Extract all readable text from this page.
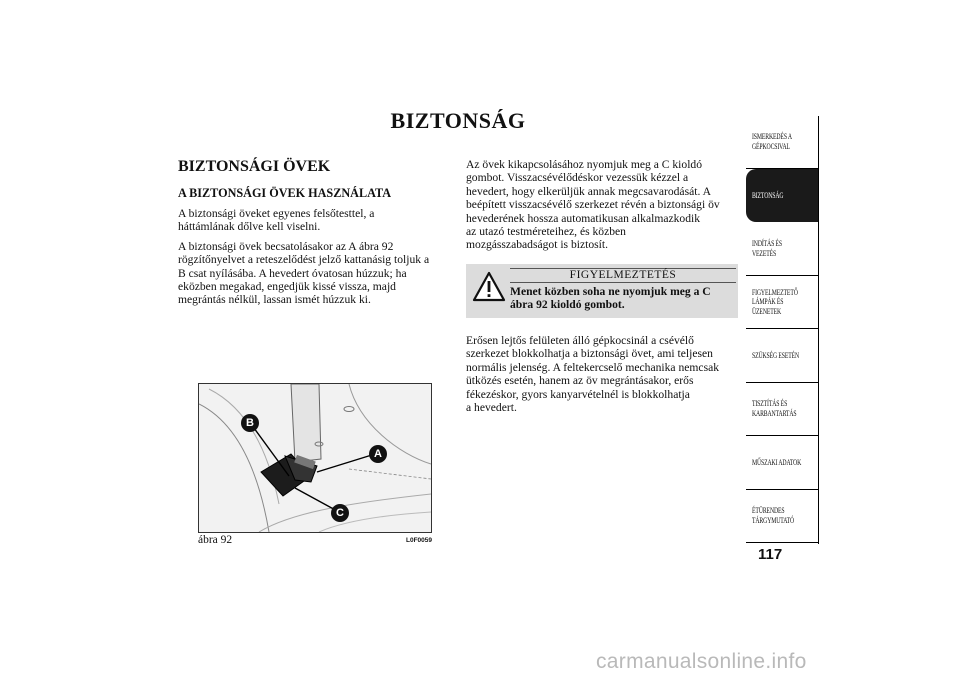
BIZTONSÁG
BIZTONSÁGI ÖVEK
A BIZTONSÁGI ÖVEK HASZNÁLATA
A biztonsági öveket egyenes felsőtesttel, a
háttámlának dőlve kell viselni.
A biztonsági övek becsatolásakor az A ábra 92
rögzítőnyelvet a reteszelődést jelző kattanásig toljuk a
B csat nyílásába. A hevedert óvatosan húzzuk; ha
eközben megakad, engedjük kissé vissza, majd
megrántás nélkül, lassan ismét húzzuk ki.
Az övek kikapcsolásához nyomjuk meg a C kioldó
gombot. Visszacsévélődéskor vezessük kézzel a
hevedert, hogy elkerüljük annak megcsavarodását. A
beépített visszacsévélő szerkezet révén a biztonsági öv
hevederének hossza automatikusan alkalmazkodik
az utazó testméreteihez, és közben
mozgásszabadságot is biztosít.
FIGYELMEZTETÉS
Menet közben soha ne nyomjuk meg a C
ábra 92 kioldó gombot.
Erősen lejtős felületen álló gépkocsinál a csévélő
szerkezet blokkolhatja a biztonsági övet, ami teljesen
normális jelenség. A feltekercselő mechanika nemcsak
ütközés esetén, hanem az öv megrántásakor, erős
fékezéskor, gyors kanyarvételnél is blokkolhatja
a hevedert.
B
A
C
ábra 92	L0F0059
ISMERKEDÉS A
GÉPKOCSIVAL
BIZTONSÁG
INDÍTÁS ÉS
VEZETÉS
FIGYELMEZTETŐ
LÁMPÁK ÉS
ÜZENETEK
SZÜKSÉG ESETÉN
TISZTÍTÁS ÉS
KARBANTARTÁS
MŰSZAKI ADATOK
ÉTÜRENDES
TÁRGYMUTATÓ
117
carmanualsonline.info
